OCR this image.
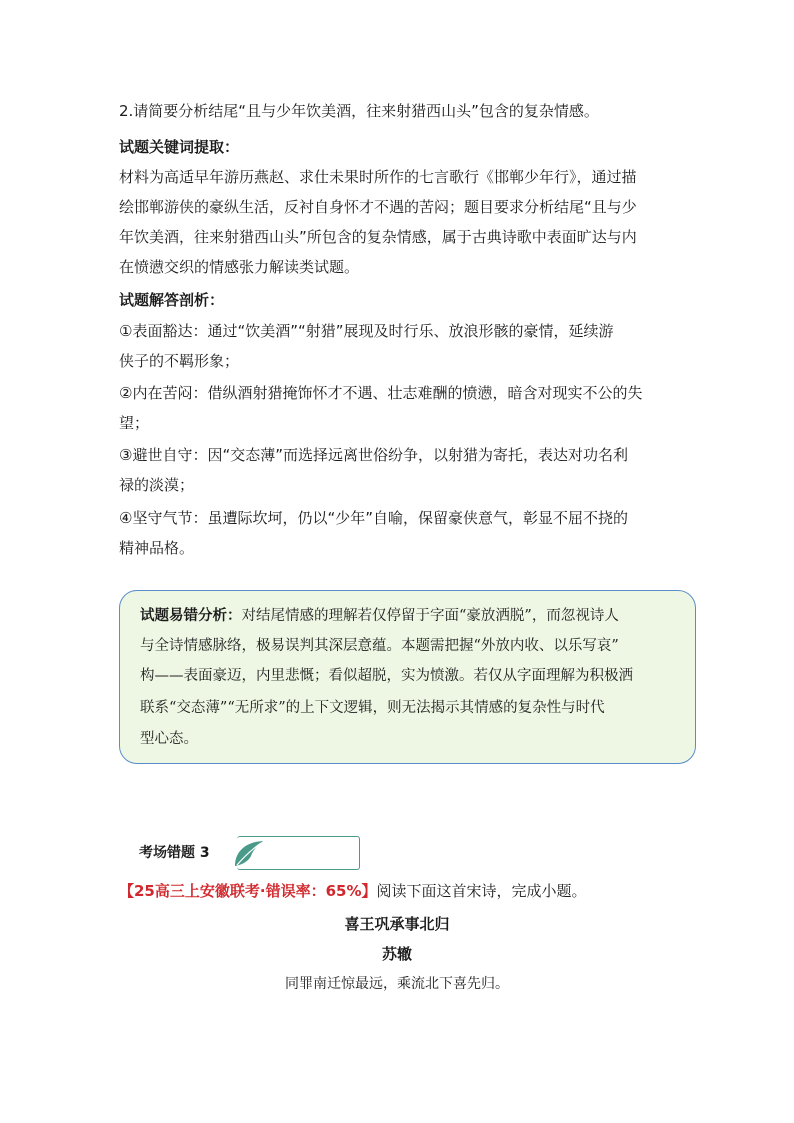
2.请简要分析结尾“且与少年饮美酒，往来射猎西山头”包含的复杂情感。
试题关键词提取：
材料为高适早年游历燕赵、求仕未果时所作的七言歌行《邯郸少年行》，通过描
绘邯郸游侠的豪纵生活，反衬自身怀才不遇的苦闷；题目要求分析结尾“且与少
年饮美酒，往来射猎西山头”所包含的复杂情感，属于古典诗歌中表面旷达与内
在愤懑交织的情感张力解读类试题。
试题解答剖析：
①表面豁达：通过“饮美酒”“射猎”展现及时行乐、放浪形骸的豪情，延续游
侠子的不羁形象；
②内在苦闷：借纵酒射猎掩饰怀才不遇、壮志难酬的愤懑，暗含对现实不公的失
望；
③避世自守：因“交态薄”而选择远离世俗纷争，以射猎为寄托，表达对功名利
禄的淡漠；
④坚守气节：虽遭际坎坷，仍以“少年”自喻，保留豪侠意气，彰显不屈不挠的
精神品格。
试题易错分析：对结尾情感的理解若仅停留于字面“豪放洒脱”，而忽视诗人
与全诗情感脉络，极易误判其深层意蕴。本题需把握“外放内收、以乐写哀”
构——表面豪迈，内里悲慨；看似超脱，实为愤激。若仅从字面理解为积极洒
联系“交态薄”“无所求”的上下文逻辑，则无法揭示其情感的复杂性与时代
型心态。
考场错题 3
【25高三上安徽联考·错误率：65%】阅读下面这首宋诗，完成小题。
喜王巩承事北归
苏辙
同罪南迁惊最远，乘流北下喜先归。
